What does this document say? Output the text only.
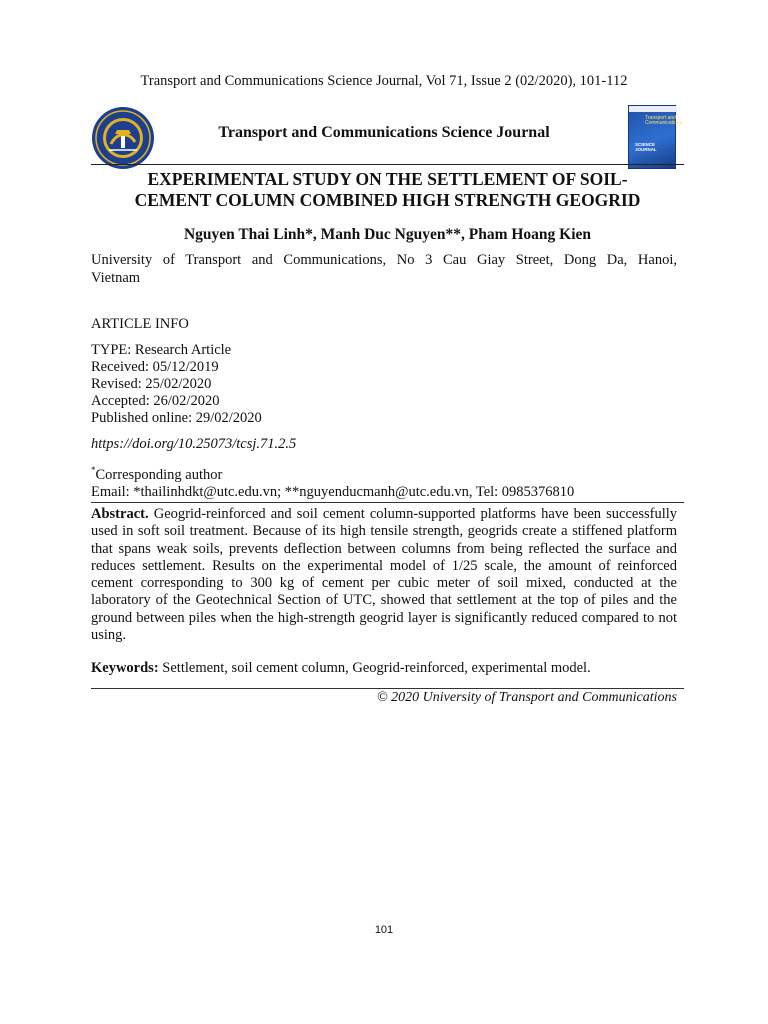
Transport and Communications Science Journal, Vol 71, Issue 2 (02/2020), 101-112
Transport and Communications Science Journal
Transport and Communications
SCIENCE JOURNAL
EXPERIMENTAL STUDY ON THE SETTLEMENT OF SOIL-
CEMENT COLUMN COMBINED HIGH STRENGTH GEOGRID
Nguyen Thai Linh*, Manh Duc Nguyen**, Pham Hoang Kien
University of Transport and Communications, No 3 Cau Giay Street, Dong Da, Hanoi,
Vietnam
ARTICLE INFO
TYPE: Research Article
Received: 05/12/2019
Revised: 25/02/2020
Accepted: 26/02/2020
Published online: 29/02/2020
https://doi.org/10.25073/tcsj.71.2.5
*Corresponding author
Email: *thailinhdkt@utc.edu.vn; **nguyenducmanh@utc.edu.vn, Tel: 0985376810
Abstract. Geogrid-reinforced and soil cement column-supported platforms have been successfully used in soft soil treatment. Because of its high tensile strength, geogrids create a stiffened platform that spans weak soils, prevents deflection between columns from being reflected the surface and reduces settlement. Results on the experimental model of 1/25 scale, the amount of reinforced cement corresponding to 300 kg of cement per cubic meter of soil mixed, conducted at the laboratory of the Geotechnical Section of UTC, showed that settlement at the top of piles and the ground between piles when the high-strength geogrid layer is significantly reduced compared to not using.
Keywords: Settlement, soil cement column, Geogrid-reinforced, experimental model.
© 2020 University of Transport and Communications
101
